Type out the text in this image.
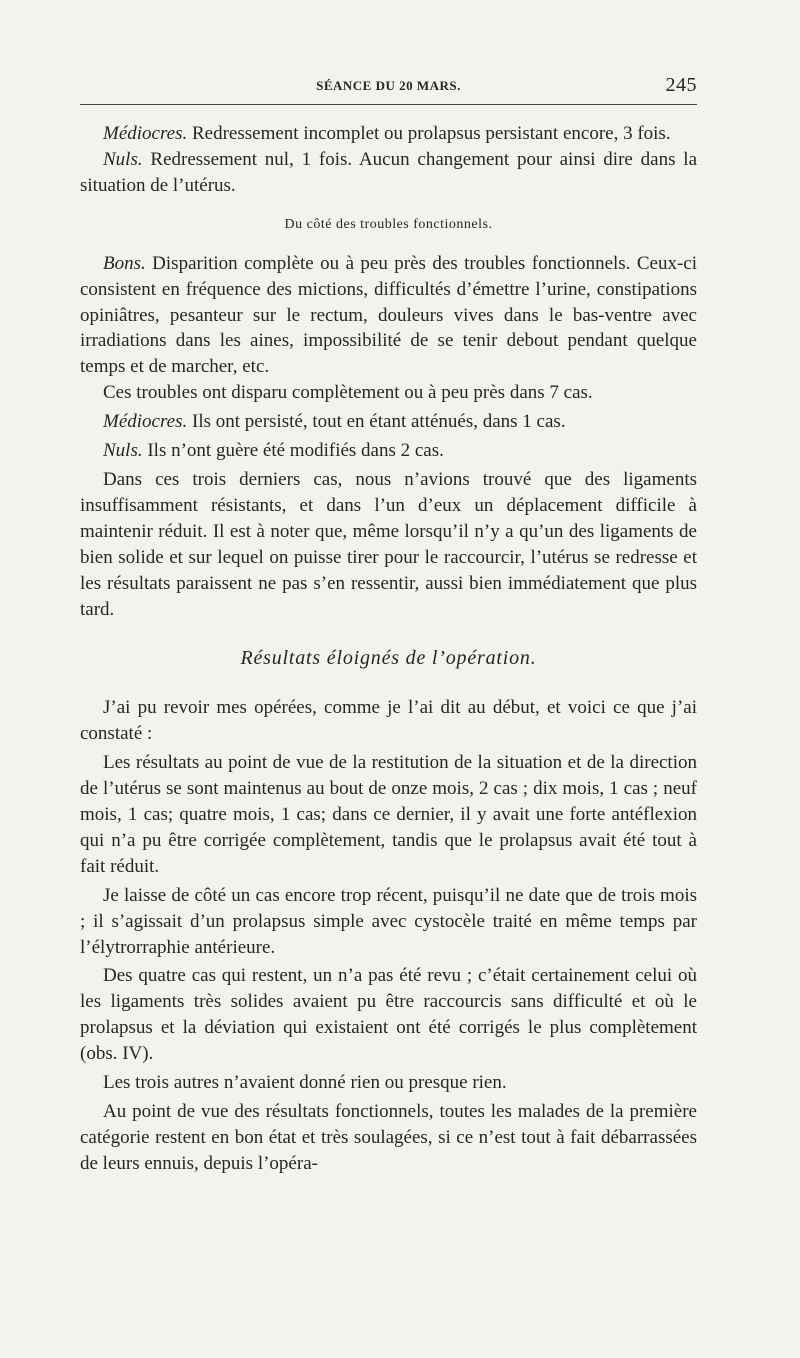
SÉANCE DU 20 MARS.	245

Médiocres. Redressement incomplet ou prolapsus persistant encore, 3 fois.

Nuls. Redressement nul, 1 fois. Aucun changement pour ainsi dire dans la situation de l’utérus.

Du côté des troubles fonctionnels.

Bons. Disparition complète ou à peu près des troubles fonctionnels. Ceux-ci consistent en fréquence des mictions, difficultés d’émettre l’urine, constipations opiniâtres, pesanteur sur le rectum, douleurs vives dans le bas-ventre avec irradiations dans les aines, impossibilité de se tenir debout pendant quelque temps et de marcher, etc.

Ces troubles ont disparu complètement ou à peu près dans 7 cas.

Médiocres. Ils ont persisté, tout en étant atténués, dans 1 cas.

Nuls. Ils n’ont guère été modifiés dans 2 cas.

Dans ces trois derniers cas, nous n’avions trouvé que des ligaments insuffisamment résistants, et dans l’un d’eux un déplacement difficile à maintenir réduit. Il est à noter que, même lorsqu’il n’y a qu’un des ligaments de bien solide et sur lequel on puisse tirer pour le raccourcir, l’utérus se redresse et les résultats paraissent ne pas s’en ressentir, aussi bien immédiatement que plus tard.

Résultats éloignés de l’opération.

J’ai pu revoir mes opérées, comme je l’ai dit au début, et voici ce que j’ai constaté :

Les résultats au point de vue de la restitution de la situation et de la direction de l’utérus se sont maintenus au bout de onze mois, 2 cas ; dix mois, 1 cas ; neuf mois, 1 cas; quatre mois, 1 cas; dans ce dernier, il y avait une forte antéflexion qui n’a pu être corrigée complètement, tandis que le prolapsus avait été tout à fait réduit.

Je laisse de côté un cas encore trop récent, puisqu’il ne date que de trois mois ; il s’agissait d’un prolapsus simple avec cystocèle traité en même temps par l’élytrorraphie antérieure.

Des quatre cas qui restent, un n’a pas été revu ; c’était certainement celui où les ligaments très solides avaient pu être raccourcis sans difficulté et où le prolapsus et la déviation qui existaient ont été corrigés le plus complètement (obs. IV).

Les trois autres n’avaient donné rien ou presque rien.

Au point de vue des résultats fonctionnels, toutes les malades de la première catégorie restent en bon état et très soulagées, si ce n’est tout à fait débarrassées de leurs ennuis, depuis l’opéra-
